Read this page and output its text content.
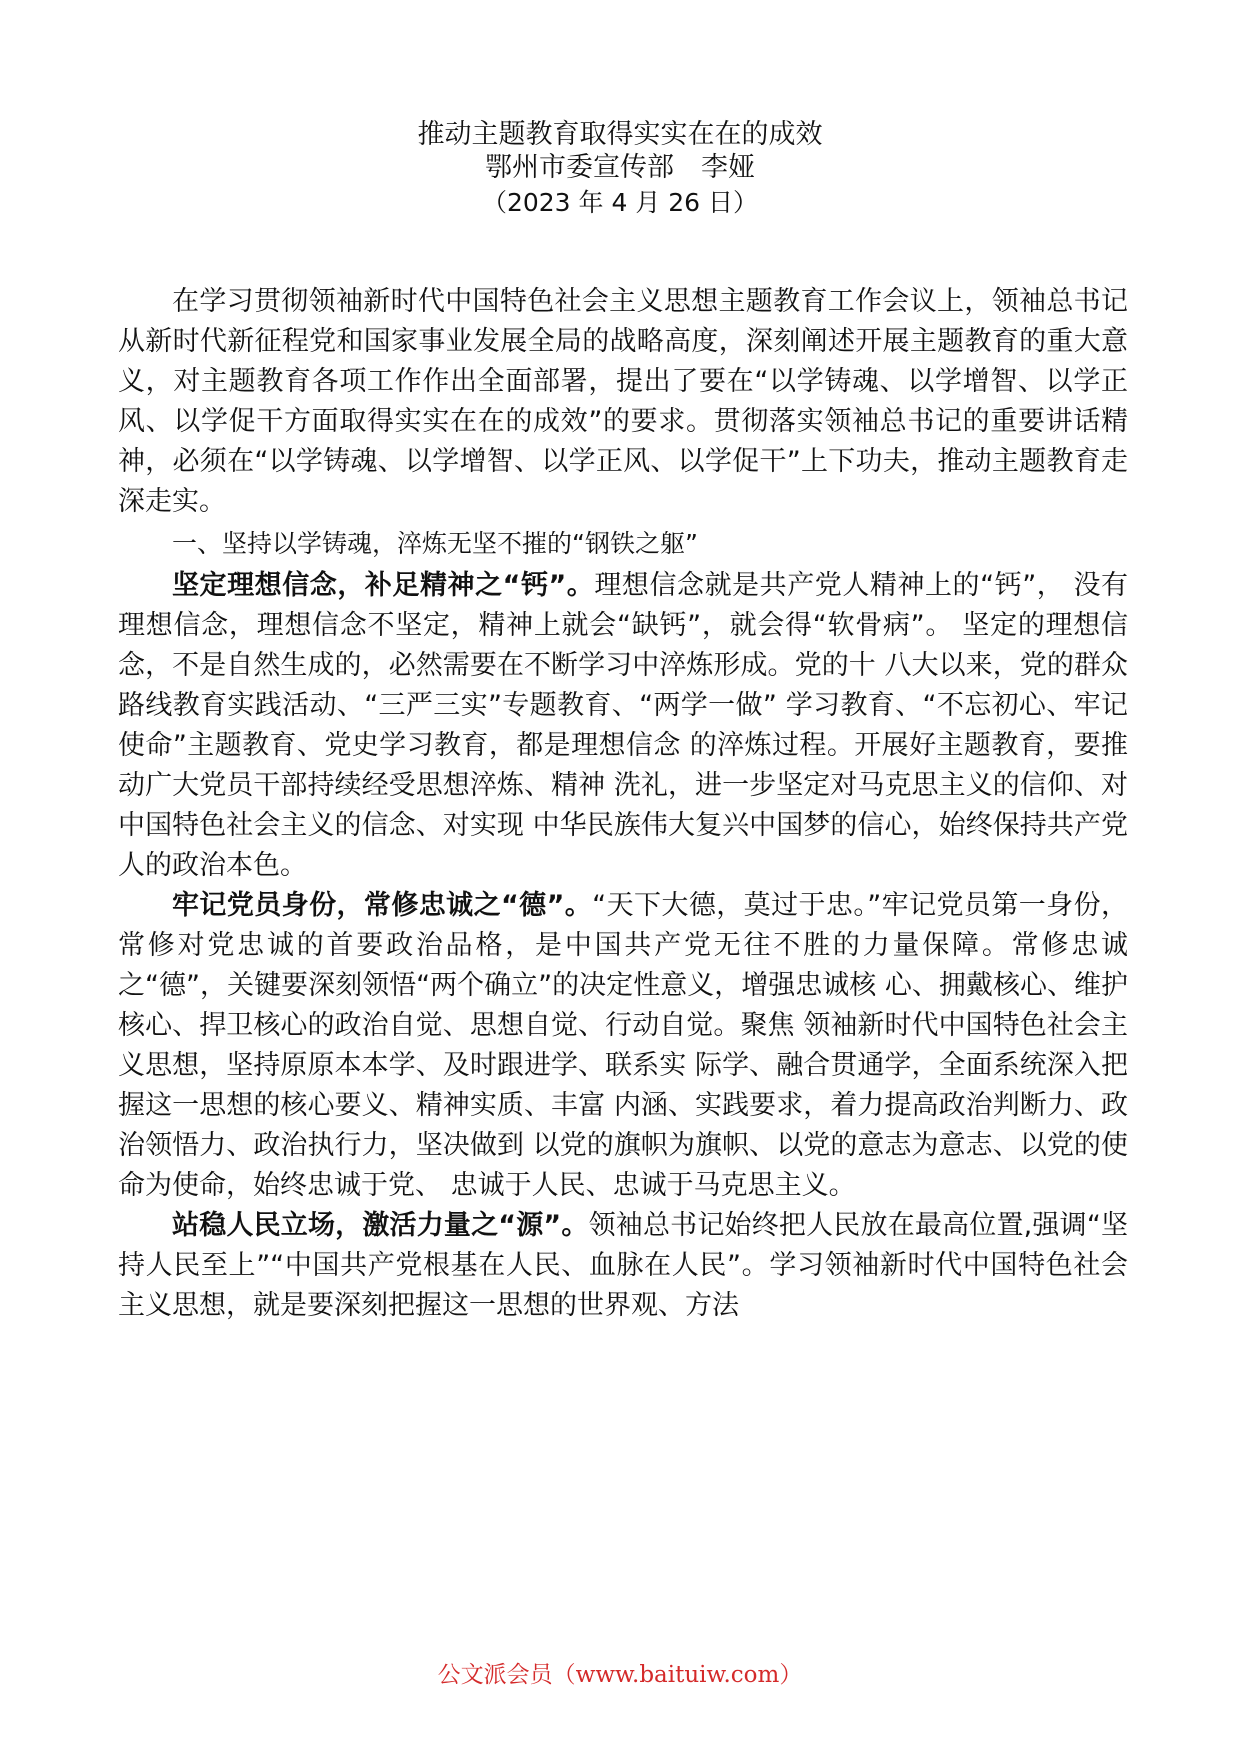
推动主题教育取得实实在在的成效

鄂州市委宣传部　李娅

（2023 年 4 月 26 日）

在学习贯彻领袖新时代中国特色社会主义思想主题教育工作会议上，领袖总书记从新时代新征程党和国家事业发展全局的战略高度，深刻阐述开展主题教育的重大意义，对主题教育各项工作作出全面部署，提出了要在“以学铸魂、以学增智、以学正风、以学促干方面取得实实在在的成效”的要求。贯彻落实领袖总书记的重要讲话精神，必须在“以学铸魂、以学增智、以学正风、以学促干”上下功夫，推动主题教育走深走实。

一、坚持以学铸魂，淬炼无坚不摧的“钢铁之躯”

坚定理想信念，补足精神之“钙”。理想信念就是共产党人精神上的“钙”， 没有理想信念，理想信念不坚定，精神上就会“缺钙”，就会得“软骨病”。 坚定的理想信念，不是自然生成的，必然需要在不断学习中淬炼形成。党的十 八大以来，党的群众路线教育实践活动、“三严三实”专题教育、“两学一做” 学习教育、“不忘初心、牢记使命”主题教育、党史学习教育，都是理想信念 的淬炼过程。开展好主题教育，要推动广大党员干部持续经受思想淬炼、精神 洗礼，进一步坚定对马克思主义的信仰、对中国特色社会主义的信念、对实现 中华民族伟大复兴中国梦的信心，始终保持共产党人的政治本色。

牢记党员身份，常修忠诚之“德”。“天下大德，莫过于忠。”牢记党员第一身份，常修对党忠诚的首要政治品格，是中国共产党无往不胜的力量保障。常修忠诚之“德”，关键要深刻领悟“两个确立”的决定性意义，增强忠诚核 心、拥戴核心、维护核心、捍卫核心的政治自觉、思想自觉、行动自觉。聚焦 领袖新时代中国特色社会主义思想，坚持原原本本学、及时跟进学、联系实 际学、融合贯通学，全面系统深入把握这一思想的核心要义、精神实质、丰富 内涵、实践要求，着力提高政治判断力、政治领悟力、政治执行力，坚决做到 以党的旗帜为旗帜、以党的意志为意志、以党的使命为使命，始终忠诚于党、 忠诚于人民、忠诚于马克思主义。

站稳人民立场，激活力量之“源”。领袖总书记始终把人民放在最高位置,强调“坚持人民至上”“中国共产党根基在人民、血脉在人民”。学习领袖新时代中国特色社会主义思想，就是要深刻把握这一思想的世界观、方法

公文派会员（www.baituiw.com）
